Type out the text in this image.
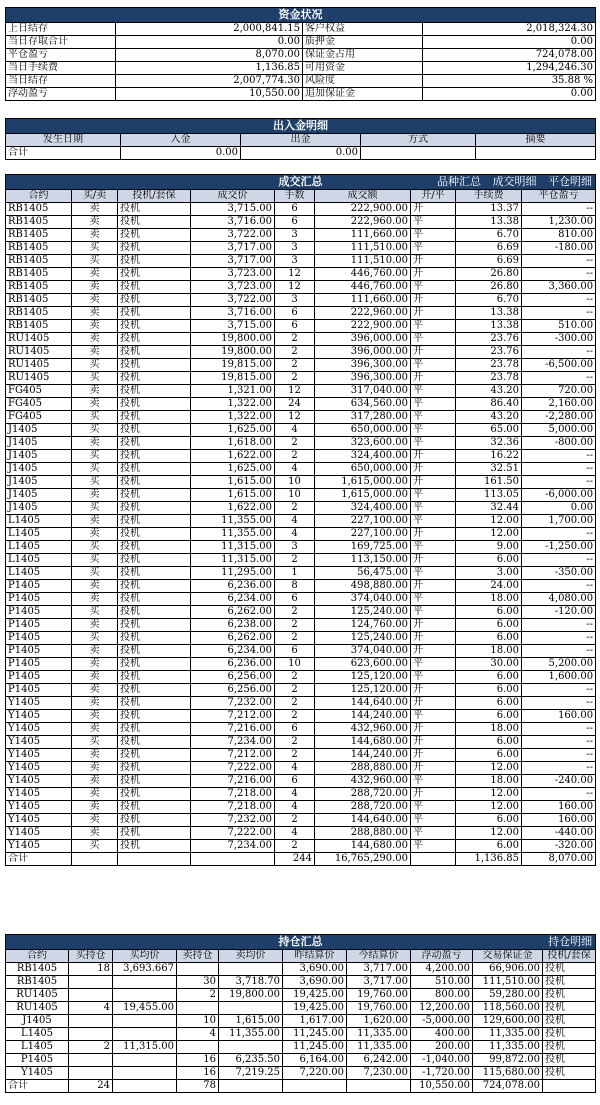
资金状况			
上日结存	2,000,841.15	客户权益	2,018,324.30
当日存取合计	0.00	质押金	0.00
平仓盈亏	8,070.00	保证金占用	724,078.00
当日手续费	1,136.85	可用资金	1,294,246.30
当日结存	2,007,774.30	风险度	35.88 %
浮动盈亏	10,550.00	追加保证金	0.00
出入金明细				
发生日期	入金	出金	方式	摘要
合计	0.00	0.00		
成交汇总 品种汇总 成交明细 平仓明细								

合约	买/卖	投机/套保	成交价	手数	成交额	开/平	手续费	平仓盈亏
RB1405	卖	投机	3,715.00	6	222,900.00	开	13.37	--
RB1405	卖	投机	3,716.00	6	222,960.00	平	13.38	1,230.00
RB1405	卖	投机	3,722.00	3	111,660.00	平	6.70	810.00
RB1405	买	投机	3,717.00	3	111,510.00	平	6.69	-180.00
RB1405	买	投机	3,717.00	3	111,510.00	开	6.69	--
RB1405	卖	投机	3,723.00	12	446,760.00	开	26.80	--
RB1405	卖	投机	3,723.00	12	446,760.00	平	26.80	3,360.00
RB1405	卖	投机	3,722.00	3	111,660.00	开	6.70	--
RB1405	卖	投机	3,716.00	6	222,960.00	开	13.38	--
RB1405	卖	投机	3,715.00	6	222,900.00	平	13.38	510.00
RU1405	卖	投机	19,800.00	2	396,000.00	平	23.76	-300.00
RU1405	卖	投机	19,800.00	2	396,000.00	开	23.76	--
RU1405	买	投机	19,815.00	2	396,300.00	平	23.78	-6,500.00
RU1405	买	投机	19,815.00	2	396,300.00	开	23.78	--
FG405	卖	投机	1,321.00	12	317,040.00	平	43.20	720.00
FG405	卖	投机	1,322.00	24	634,560.00	平	86.40	2,160.00
FG405	买	投机	1,322.00	12	317,280.00	平	43.20	-2,280.00
J1405	买	投机	1,625.00	4	650,000.00	平	65.00	5,000.00
J1405	卖	投机	1,618.00	2	323,600.00	平	32.36	-800.00
J1405	买	投机	1,622.00	2	324,400.00	开	16.22	--
J1405	买	投机	1,625.00	4	650,000.00	开	32.51	--
J1405	买	投机	1,615.00	10	1,615,000.00	开	161.50	--
J1405	卖	投机	1,615.00	10	1,615,000.00	平	113.05	-6,000.00
J1405	买	投机	1,622.00	2	324,400.00	平	32.44	0.00
L1405	卖	投机	11,355.00	4	227,100.00	平	12.00	1,700.00
L1405	卖	投机	11,355.00	4	227,100.00	开	12.00	--
L1405	买	投机	11,315.00	3	169,725.00	平	9.00	-1,250.00
L1405	买	投机	11,315.00	2	113,150.00	开	6.00	--
L1405	买	投机	11,295.00	1	56,475.00	平	3.00	-350.00
P1405	卖	投机	6,236.00	8	498,880.00	开	24.00	--
P1405	卖	投机	6,234.00	6	374,040.00	平	18.00	4,080.00
P1405	买	投机	6,262.00	2	125,240.00	平	6.00	-120.00
P1405	卖	投机	6,238.00	2	124,760.00	开	6.00	--
P1405	买	投机	6,262.00	2	125,240.00	开	6.00	--
P1405	卖	投机	6,234.00	6	374,040.00	开	18.00	--
P1405	卖	投机	6,236.00	10	623,600.00	平	30.00	5,200.00
P1405	卖	投机	6,256.00	2	125,120.00	平	6.00	1,600.00
P1405	卖	投机	6,256.00	2	125,120.00	开	6.00	--
Y1405	卖	投机	7,232.00	2	144,640.00	开	6.00	--
Y1405	卖	投机	7,212.00	2	144,240.00	平	6.00	160.00
Y1405	卖	投机	7,216.00	6	432,960.00	开	18.00	--
Y1405	买	投机	7,234.00	2	144,680.00	开	6.00	--
Y1405	卖	投机	7,212.00	2	144,240.00	开	6.00	--
Y1405	卖	投机	7,222.00	4	288,880.00	开	12.00	--
Y1405	卖	投机	7,216.00	6	432,960.00	平	18.00	-240.00
Y1405	卖	投机	7,218.00	4	288,720.00	开	12.00	--
Y1405	卖	投机	7,218.00	4	288,720.00	平	12.00	160.00
Y1405	卖	投机	7,232.00	2	144,640.00	平	6.00	160.00
Y1405	卖	投机	7,222.00	4	288,880.00	平	12.00	-440.00
Y1405	买	投机	7,234.00	2	144,680.00	平	6.00	-320.00
合计				244	16,765,290.00		1,136.85	8,070.00
持仓汇总 持仓明细									

合约	买持仓	买均价	卖持仓	卖均价	昨结算价	今结算价	浮动盈亏	交易保证金	投机/套保
RB1405	18	3,693.667			3,690.00	3,717.00	4,200.00	66,906.00	投机
RB1405			30	3,718.70	3,690.00	3,717.00	510.00	111,510.00	投机
RU1405			2	19,800.00	19,425.00	19,760.00	800.00	59,280.00	投机
RU1405	4	19,455.00			19,425.00	19,760.00	12,200.00	118,560.00	投机
J1405			10	1,615.00	1,617.00	1,620.00	-5,000.00	129,600.00	投机
L1405			4	11,355.00	11,245.00	11,335.00	400.00	11,335.00	投机
L1405	2	11,315.00			11,245.00	11,335.00	200.00	11,335.00	投机
P1405			16	6,235.50	6,164.00	6,242.00	-1,040.00	99,872.00	投机
Y1405			16	7,219.25	7,220.00	7,230.00	-1,720.00	115,680.00	投机
合计	24		78				10,550.00	724,078.00	
